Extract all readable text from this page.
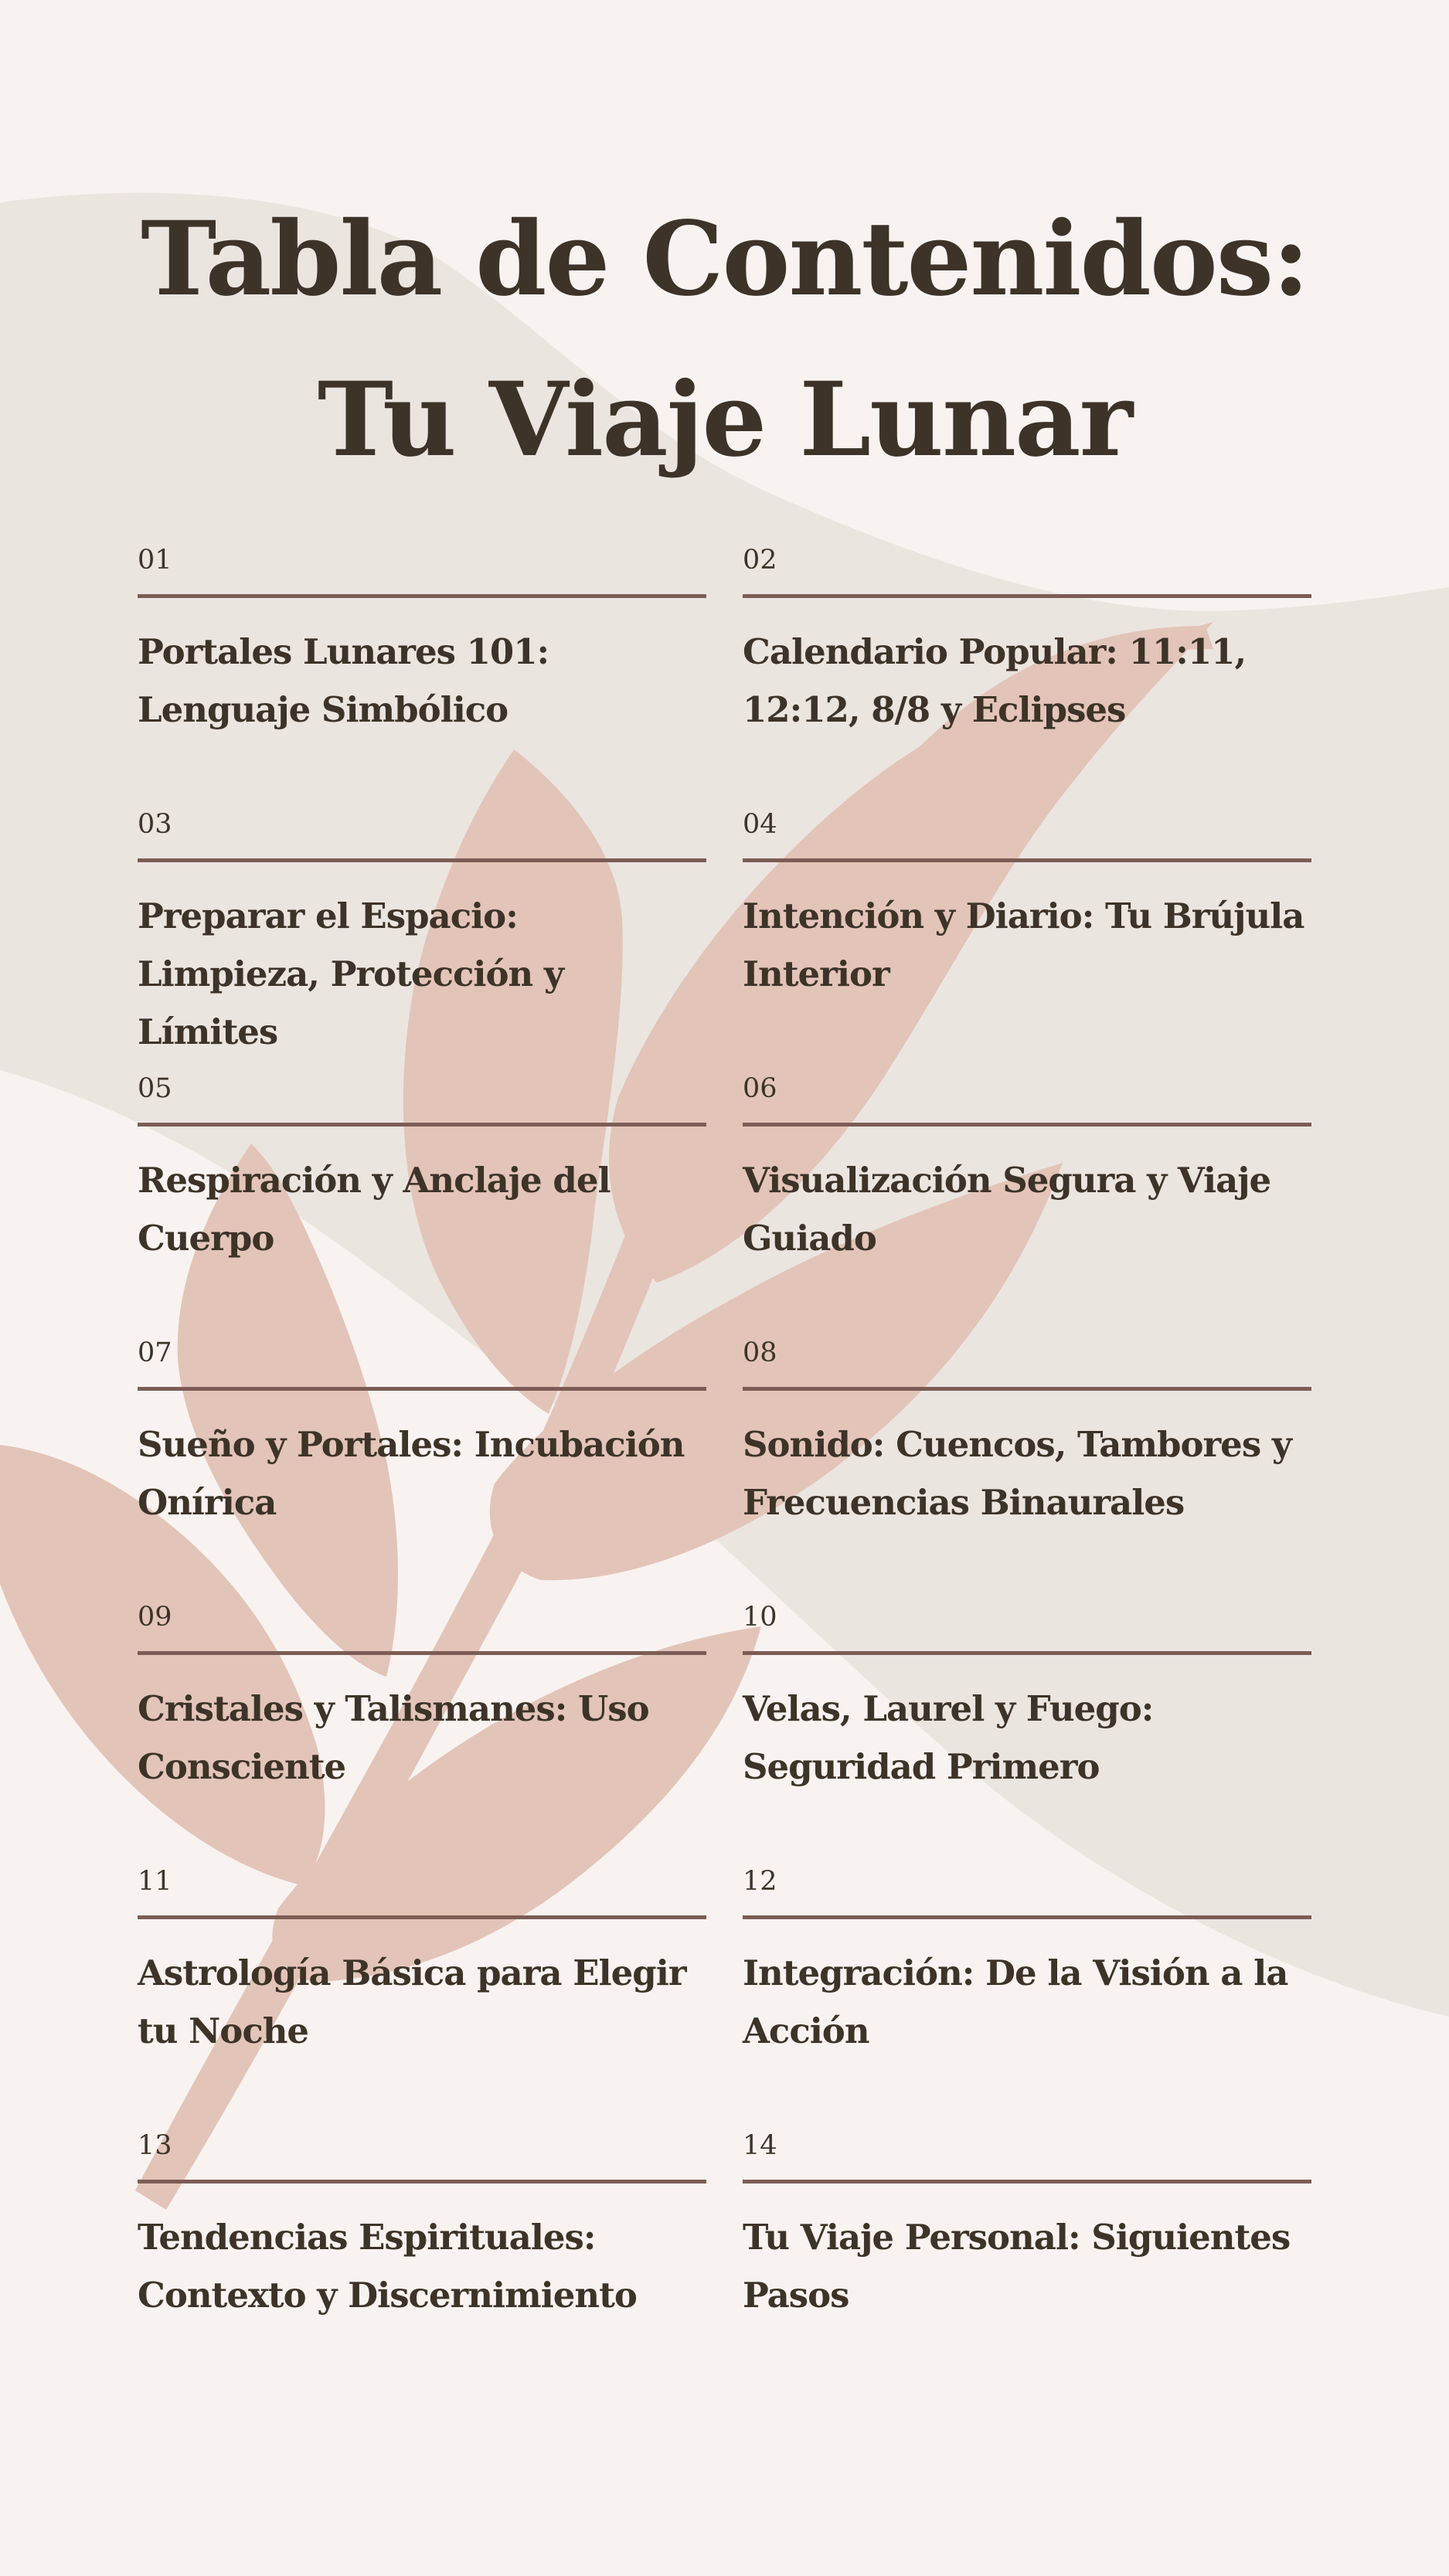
Tabla de Contenidos:
Tu Viaje Lunar
01
Portales Lunares 101: Lenguaje Simbólico
02
Calendario Popular: 11:11, 12:12, 8/8 y Eclipses
03
Preparar el Espacio: Limpieza, Protección y Límites
04
Intención y Diario: Tu Brújula Interior
05
Respiración y Anclaje del Cuerpo
06
Visualización Segura y Viaje Guiado
07
Sueño y Portales: Incubación Onírica
08
Sonido: Cuencos, Tambores y Frecuencias Binaurales
09
Cristales y Talismanes: Uso Consciente
10
Velas, Laurel y Fuego: Seguridad Primero
11
Astrología Básica para Elegir tu Noche
12
Integración: De la Visión a la Acción
13
Tendencias Espirituales: Contexto y Discernimiento
14
Tu Viaje Personal: Siguientes Pasos
